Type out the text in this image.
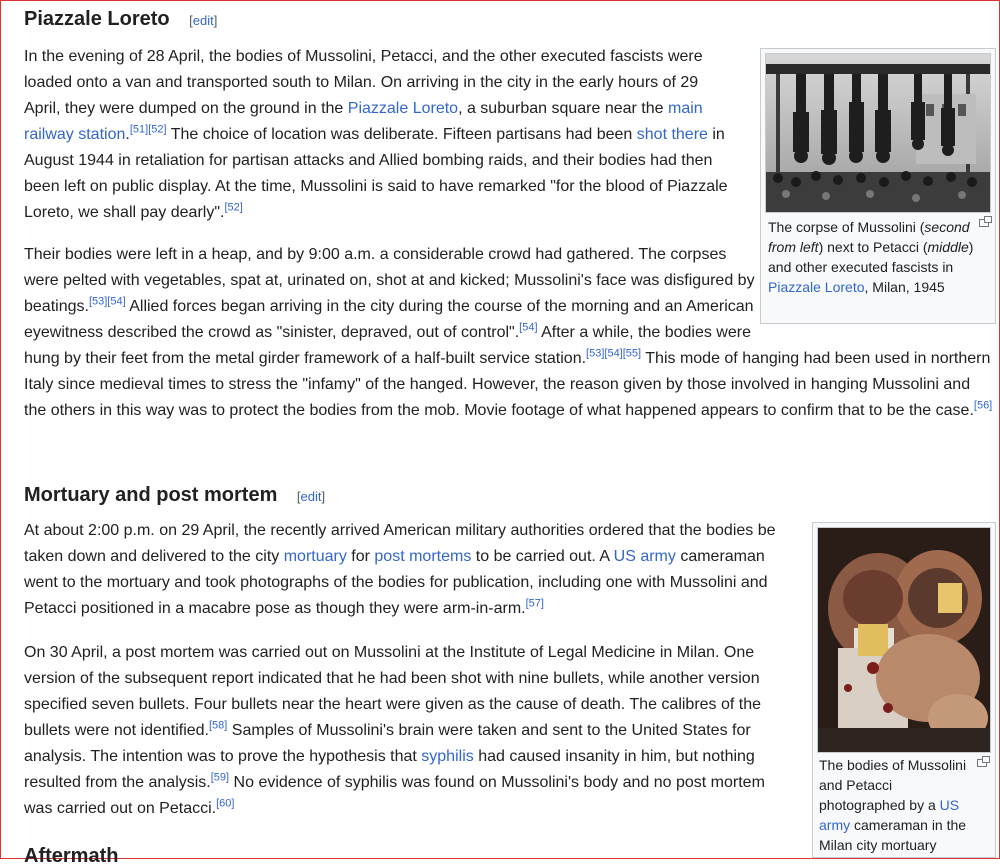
Piazzale Loreto [edit]

In the evening of 28 April, the bodies of Mussolini, Petacci, and the other executed fascists were loaded onto a van and transported south to Milan. On arriving in the city in the early hours of 29 April, they were dumped on the ground in the Piazzale Loreto, a suburban square near the main railway station.[51][52] The choice of location was deliberate. Fifteen partisans had been shot there in August 1944 in retaliation for partisan attacks and Allied bombing raids, and their bodies had then been left on public display. At the time, Mussolini is said to have remarked "for the blood of Piazzale Loreto, we shall pay dearly".[52]

Their bodies were left in a heap, and by 9:00 a.m. a considerable crowd had gathered. The corpses were pelted with vegetables, spat at, urinated on, shot at and kicked; Mussolini's face was disfigured by beatings.[53][54] Allied forces began arriving in the city during the course of the morning and an American eyewitness described the crowd as "sinister, depraved, out of control".[54] After a while, the bodies were hung by their feet from the metal girder framework of a half-built service station.[53][54][55] This mode of hanging had been used in northern Italy since medieval times to stress the "infamy" of the hanged. However, the reason given by those involved in hanging Mussolini and the others in this way was to protect the bodies from the mob. Movie footage of what happened appears to confirm that to be the case.[56]
Mortuary and post mortem [edit]

At about 2:00 p.m. on 29 April, the recently arrived American military authorities ordered that the bodies be taken down and delivered to the city mortuary for post mortems to be carried out. A US army cameraman went to the mortuary and took photographs of the bodies for publication, including one with Mussolini and Petacci positioned in a macabre pose as though they were arm-in-arm.[57]

On 30 April, a post mortem was carried out on Mussolini at the Institute of Legal Medicine in Milan. One version of the subsequent report indicated that he had been shot with nine bullets, while another version specified seven bullets. Four bullets near the heart were given as the cause of death. The calibres of the bullets were not identified.[58] Samples of Mussolini's brain were taken and sent to the United States for analysis. The intention was to prove the hypothesis that syphilis had caused insanity in him, but nothing resulted from the analysis.[59] No evidence of syphilis was found on Mussolini's body and no post mortem was carried out on Petacci.[60]

Aftermath
The corpse of Mussolini (second from left) next to Petacci (middle) and other executed fascists in Piazzale Loreto, Milan, 1945
The bodies of Mussolini and Petacci photographed by a US army cameraman in the Milan city mortuary
